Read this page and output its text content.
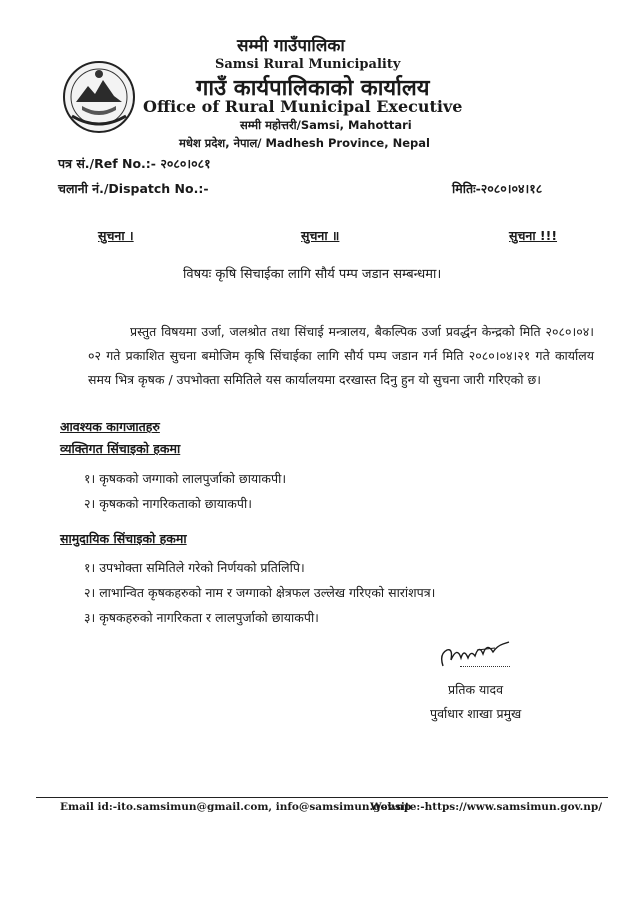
सम्मी गाउँपालिका
Samsi Rural Municipality
गाउँ कार्यपालिकाको कार्यालय
Office of Rural Municipal Executive
सम्मी महोत्तरी/Samsi, Mahottari
मधेश प्रदेश, नेपाल/ Madhesh Province, Nepal
पत्र सं./Ref No.:- २०८०।०८१
चलानी नं./Dispatch No.:-	मितिः-२०८०।०४।१८
सुचना ।	सुचना ॥	सुचना !!!
विषयः कृषि सिचाईका लागि सौर्य पम्प जडान सम्बन्धमा।
प्रस्तुत विषयमा उर्जा, जलश्रोत तथा सिंचाई मन्त्रालय, बैकल्पिक उर्जा प्रवर्द्धन केन्द्रको मिति २०८०।०४।०२ गते प्रकाशित सुचना बमोजिम कृषि सिंचाईका लागि सौर्य पम्प जडान गर्न मिति २०८०।०४।२१ गते कार्यालय समय भित्र कृषक / उपभोक्ता समितिले यस कार्यालयमा दरखास्त दिनु हुन यो सुचना जारी गरिएको छ।
आवश्यक कागजातहरु
व्यक्तिगत सिंचाइको हकमा
१। कृषकको जग्गाको लालपुर्जाको छायाकपी।
२। कृषकको नागरिकताको छायाकपी।
सामुदायिक सिंचाइको हकमा
१। उपभोक्ता समितिले गरेको निर्णयको प्रतिलिपि।
२। लाभान्वित कृषकहरुको नाम र जग्गाको क्षेत्रफल उल्लेख गरिएको सारांशपत्र।
३। कृषकहरुको नागरिकता र लालपुर्जाको छायाकपी।
प्रतिक यादव
पुर्वाधार शाखा प्रमुख
Email id:-ito.samsimun@gmail.com, info@samsimun.gov.np
Website:-https://www.samsimun.gov.np/
